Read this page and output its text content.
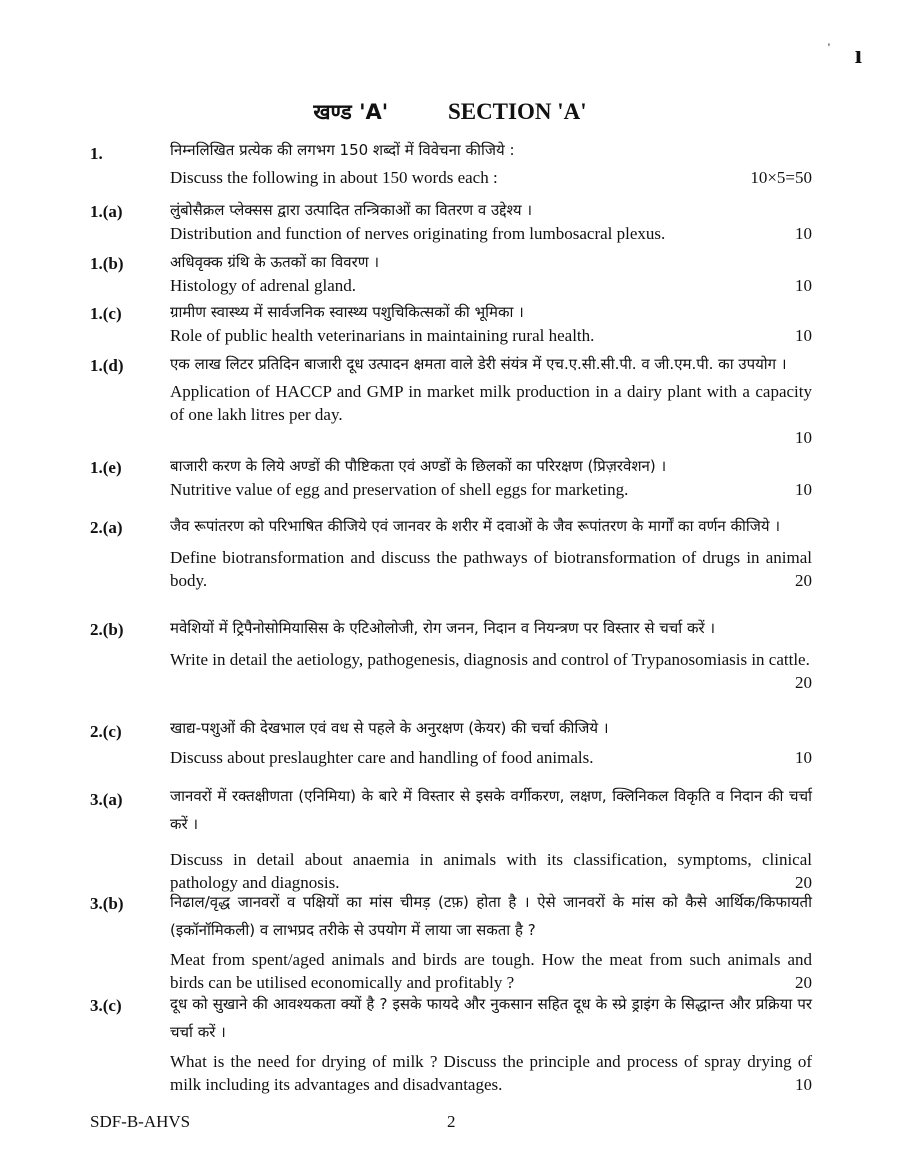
' ı
खण्ड 'A'	SECTION 'A'
1.	निम्नलिखित प्रत्येक की लगभग 150 शब्दों में विवेचना कीजिये :
Discuss the following in about 150 words each :	10×5=50
1.(a)	लुंबोसैक्रल प्लेक्सस द्वारा उत्पादित तन्त्रिकाओं का वितरण व उद्देश्य ।
Distribution and function of nerves originating from lumbosacral plexus.	10
1.(b)	अधिवृक्क ग्रंथि के ऊतकों का विवरण ।
Histology of adrenal gland.	10
1.(c)	ग्रामीण स्वास्थ्य में सार्वजनिक स्वास्थ्य पशुचिकित्सकों की भूमिका ।
Role of public health veterinarians in maintaining rural health.	10
1.(d)	एक लाख लिटर प्रतिदिन बाजारी दूध उत्पादन क्षमता वाले डेरी संयंत्र में एच.ए.सी.सी.पी. व जी.एम.पी. का उपयोग ।
Application of HACCP and GMP in market milk production in a dairy plant with a capacity of one lakh litres per day.
10
1.(e)	बाजारी करण के लिये अण्डों की पौष्टिकता एवं अण्डों के छिलकों का परिरक्षण (प्रिज़रवेशन) ।
Nutritive value of egg and preservation of shell eggs for marketing.	10
2.(a)	जैव रूपांतरण को परिभाषित कीजिये एवं जानवर के शरीर में दवाओं के जैव रूपांतरण के मार्गों का वर्णन कीजिये ।
Define biotransformation and discuss the pathways of biotransformation of drugs in animal body.	20
2.(b)	मवेशियों में ट्रिपैनोसोमियासिस के एटिओलोजी, रोग जनन, निदान व नियन्त्रण पर विस्तार से चर्चा करें ।
Write in detail the aetiology, pathogenesis, diagnosis and control of Trypanosomiasis in cattle.
20
2.(c)	खाद्य-पशुओं की देखभाल एवं वध से पहले के अनुरक्षण (केयर) की चर्चा कीजिये ।
Discuss about preslaughter care and handling of food animals.	10
3.(a)	जानवरों में रक्तक्षीणता (एनिमिया) के बारे में विस्तार से इसके वर्गीकरण, लक्षण, क्लिनिकल विकृति व निदान की चर्चा करें ।
Discuss in detail about anaemia in animals with its classification, symptoms, clinical pathology and diagnosis.	20
3.(b)	निढाल/वृद्ध जानवरों व पक्षियों का मांस चीमड़ (टफ़) होता है । ऐसे जानवरों के मांस को कैसे आर्थिक/किफायती (इकॉनॉमिकली) व लाभप्रद तरीके से उपयोग में लाया जा सकता है ?
Meat from spent/aged animals and birds are tough. How the meat from such animals and birds can be utilised economically and profitably ?	20
3.(c)	दूध को सुखाने की आवश्यकता क्यों है ? इसके फायदे और नुकसान सहित दूध के स्प्रे ड्राइंग के सिद्धान्त और प्रक्रिया पर चर्चा करें ।
What is the need for drying of milk ? Discuss the principle and process of spray drying of milk including its advantages and disadvantages.	10
SDF-B-AHVS	2
